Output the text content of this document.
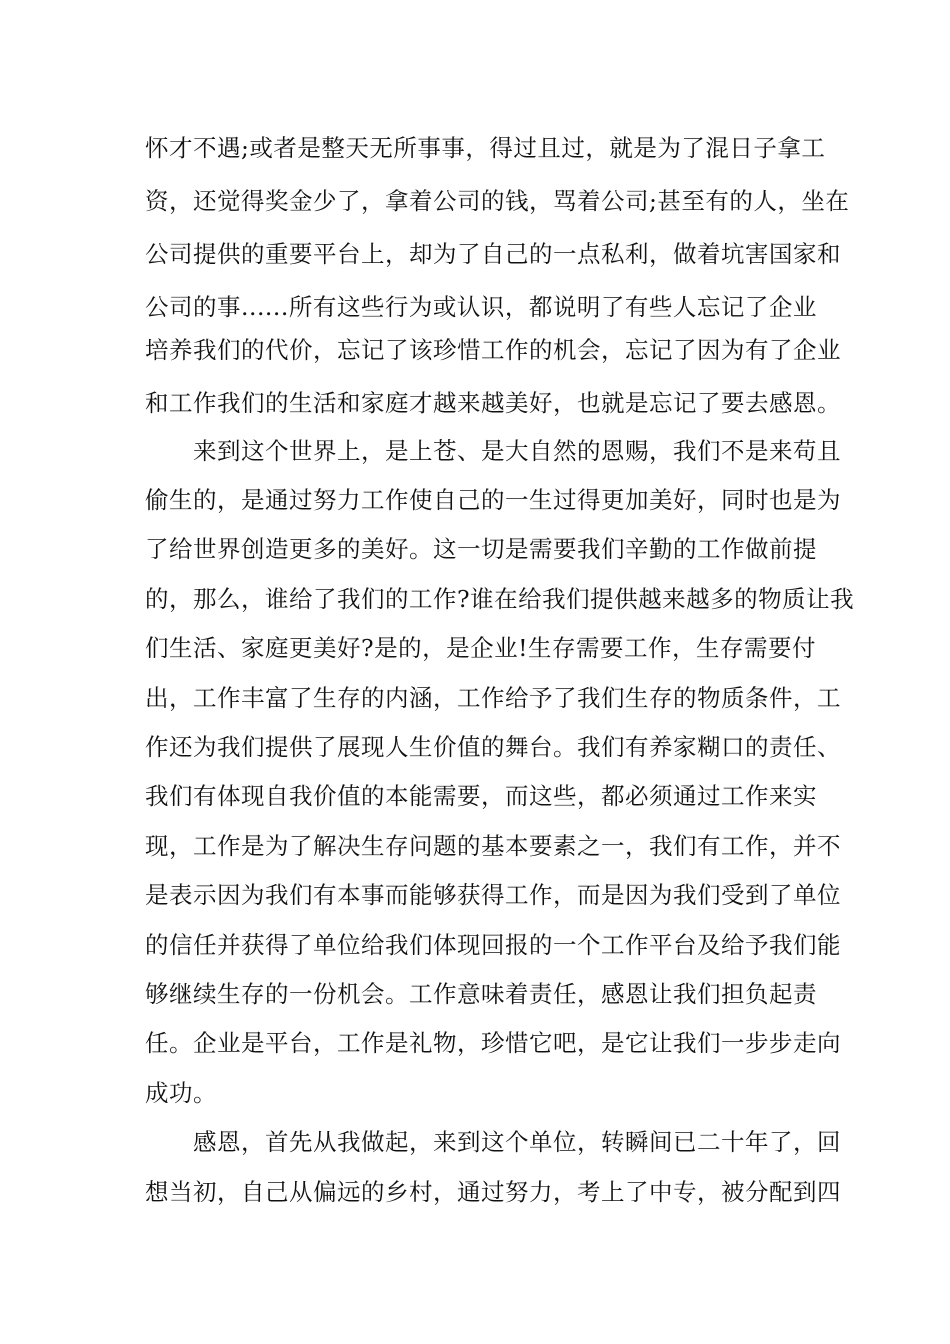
怀才不遇;或者是整天无所事事，得过且过，就是为了混日子拿工
资，还觉得奖金少了，拿着公司的钱，骂着公司;甚至有的人，坐在
公司提供的重要平台上，却为了自己的一点私利，做着坑害国家和
公司的事......所有这些行为或认识，都说明了有些人忘记了企业
培养我们的代价，忘记了该珍惜工作的机会，忘记了因为有了企业
和工作我们的生活和家庭才越来越美好，也就是忘记了要去感恩。
来到这个世界上，是上苍、是大自然的恩赐，我们不是来苟且
偷生的，是通过努力工作使自己的一生过得更加美好，同时也是为
了给世界创造更多的美好。这一切是需要我们辛勤的工作做前提
的，那么，谁给了我们的工作?谁在给我们提供越来越多的物质让我
们生活、家庭更美好?是的，是企业!生存需要工作，生存需要付
出，工作丰富了生存的内涵，工作给予了我们生存的物质条件，工
作还为我们提供了展现人生价值的舞台。我们有养家糊口的责任、
我们有体现自我价值的本能需要，而这些，都必须通过工作来实
现，工作是为了解决生存问题的基本要素之一，我们有工作，并不
是表示因为我们有本事而能够获得工作，而是因为我们受到了单位
的信任并获得了单位给我们体现回报的一个工作平台及给予我们能
够继续生存的一份机会。工作意味着责任，感恩让我们担负起责
任。企业是平台，工作是礼物，珍惜它吧，是它让我们一步步走向
成功。
感恩，首先从我做起，来到这个单位，转瞬间已二十年了，回
想当初，自己从偏远的乡村，通过努力，考上了中专，被分配到四
